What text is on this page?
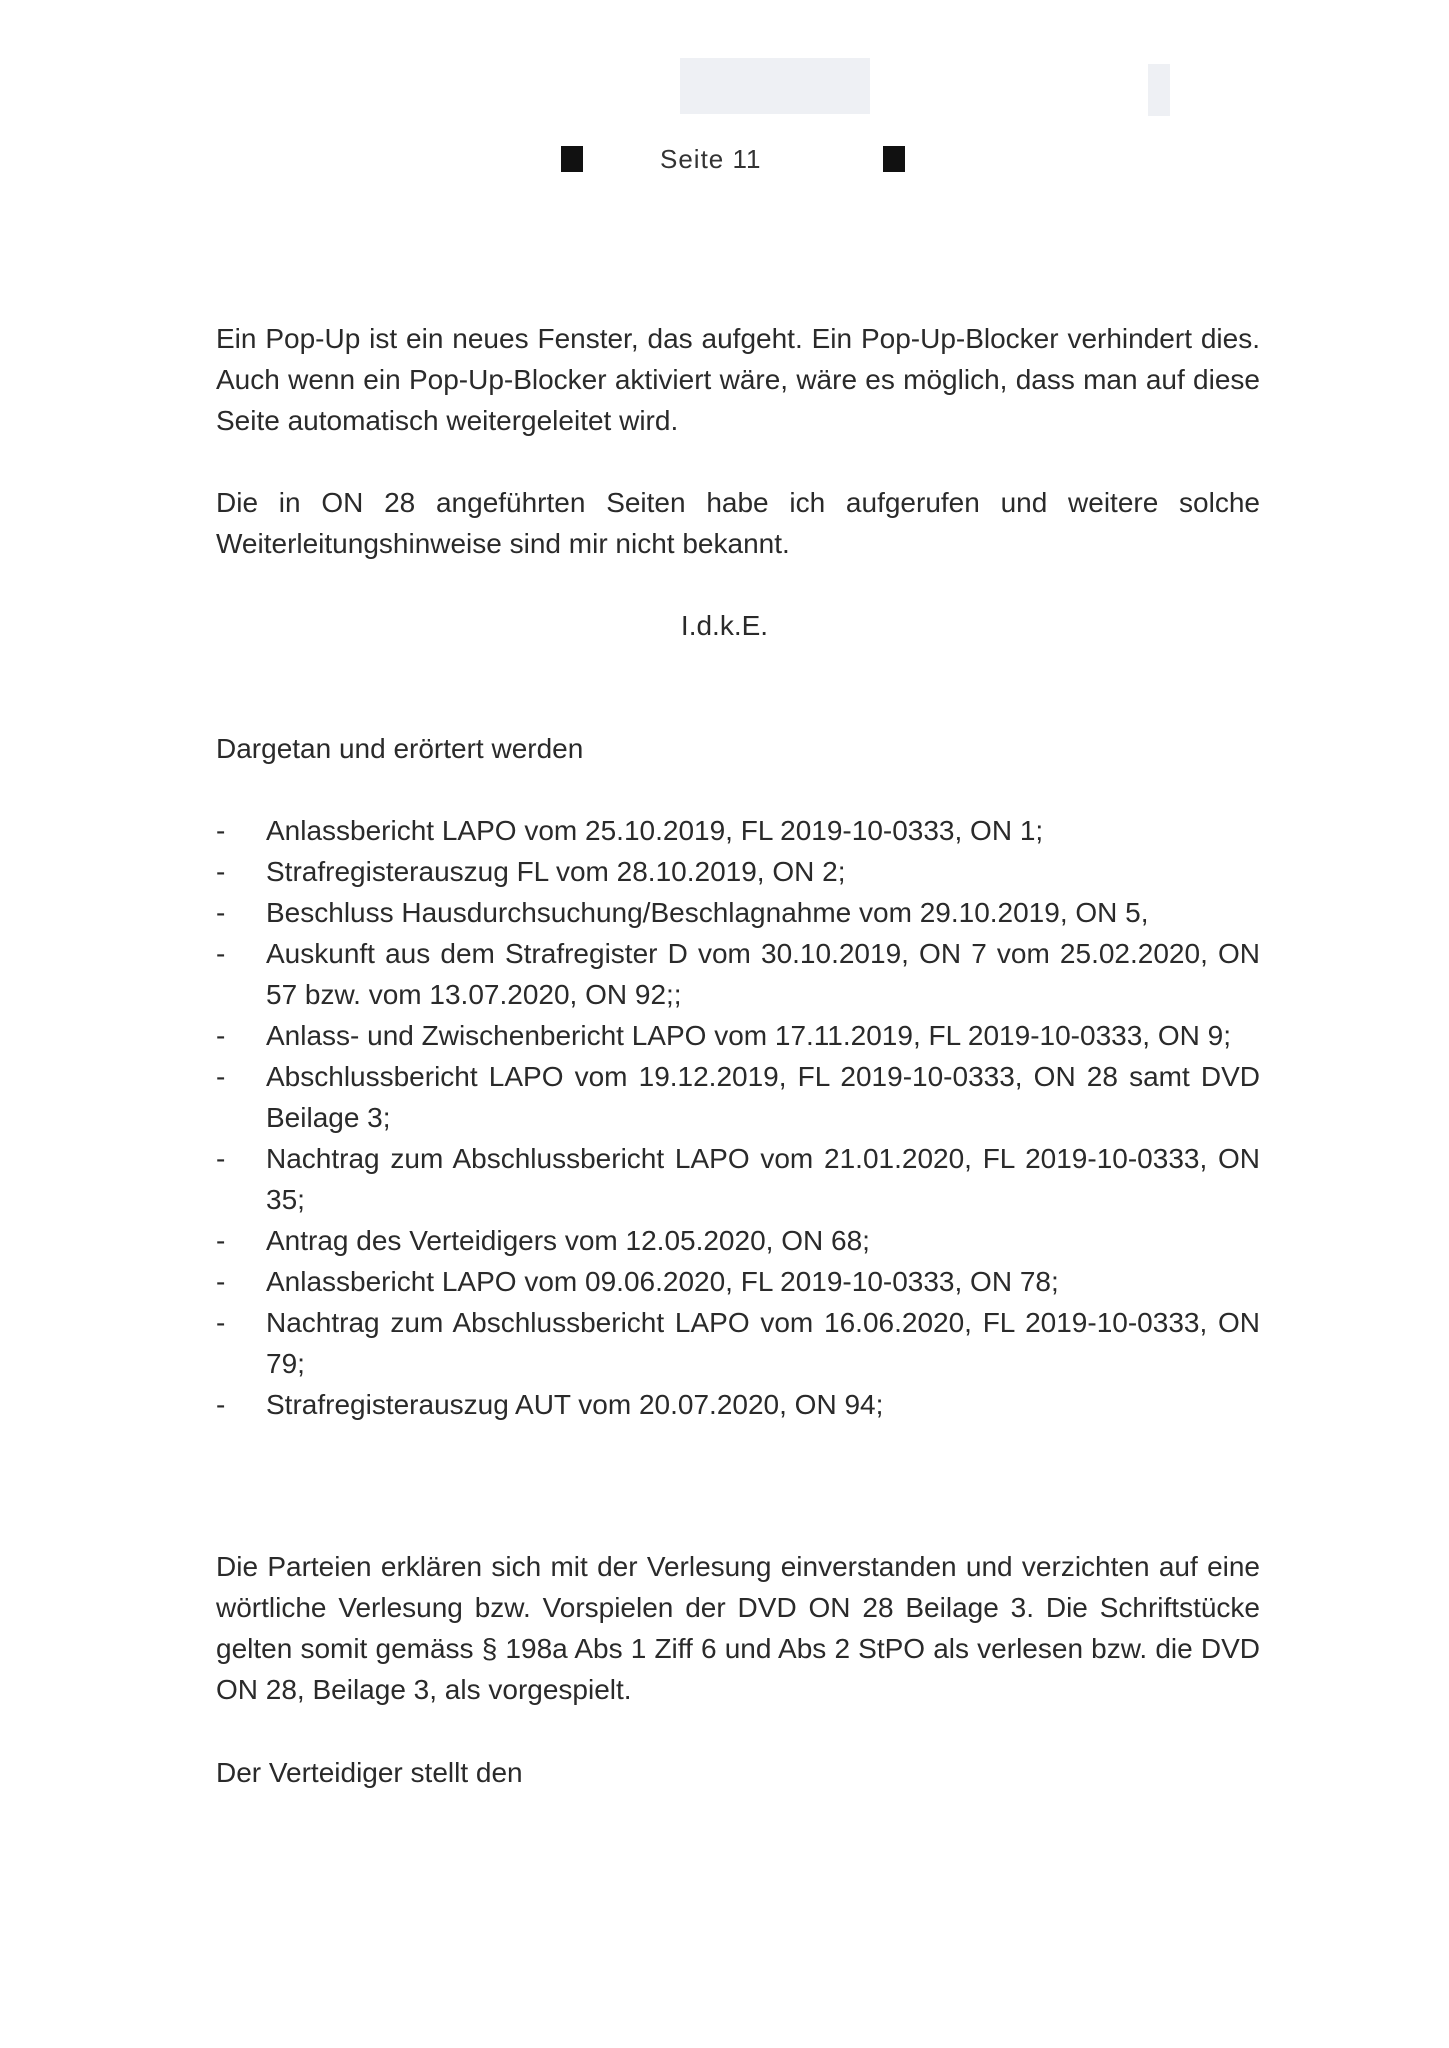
Seite 11
Ein Pop-Up ist ein neues Fenster, das aufgeht. Ein Pop-Up-Blocker verhindert dies. Auch wenn ein Pop-Up-Blocker aktiviert wäre, wäre es möglich, dass man auf diese Seite automatisch weitergeleitet wird.
Die in ON 28 angeführten Seiten habe ich aufgerufen und weitere solche Weiterleitungshinweise sind mir nicht bekannt.
I.d.k.E.
Dargetan und erörtert werden
- Anlassbericht LAPO vom 25.10.2019, FL 2019-10-0333, ON 1;
- Strafregisterauszug FL vom 28.10.2019, ON 2;
- Beschluss Hausdurchsuchung/Beschlagnahme vom 29.10.2019, ON 5,
- Auskunft aus dem Strafregister D vom 30.10.2019, ON 7 vom 25.02.2020, ON 57 bzw. vom 13.07.2020, ON 92;;
- Anlass- und Zwischenbericht LAPO vom 17.11.2019, FL 2019-10-0333, ON 9;
- Abschlussbericht LAPO vom 19.12.2019, FL 2019-10-0333, ON 28 samt DVD Beilage 3;
- Nachtrag zum Abschlussbericht LAPO vom 21.01.2020, FL 2019-10-0333, ON 35;
- Antrag des Verteidigers vom 12.05.2020, ON 68;
- Anlassbericht LAPO vom 09.06.2020, FL 2019-10-0333, ON 78;
- Nachtrag zum Abschlussbericht LAPO vom 16.06.2020, FL 2019-10-0333, ON 79;
- Strafregisterauszug AUT vom 20.07.2020, ON 94;
Die Parteien erklären sich mit der Verlesung einverstanden und verzichten auf eine wörtliche Verlesung bzw. Vorspielen der DVD ON 28 Beilage 3. Die Schriftstücke gelten somit gemäss § 198a Abs 1 Ziff 6 und Abs 2 StPO als verlesen bzw. die DVD ON 28, Beilage 3, als vorgespielt.
Der Verteidiger stellt den
